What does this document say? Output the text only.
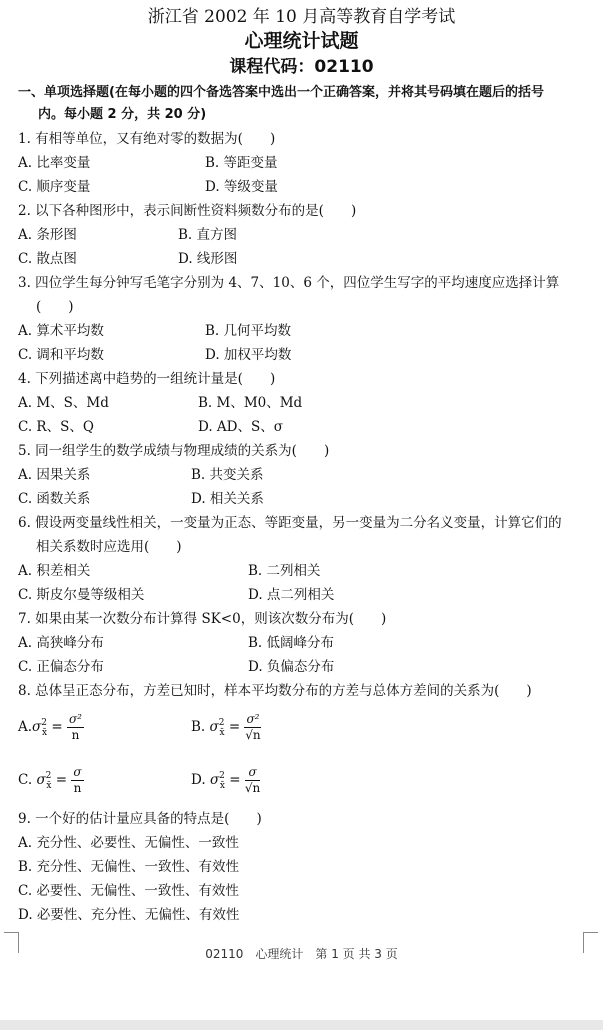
浙江省 2002 年 10 月高等教育自学考试
心理统计试题
课程代码：02110
一、单项选择题(在每小题的四个备选答案中选出一个正确答案，并将其号码填在题后的括号
内。每小题 2 分，共 20 分)
1. 有相等单位，又有绝对零的数据为(　　)
A. 比率变量	B. 等距变量
C. 顺序变量	D. 等级变量
2. 以下各种图形中，表示间断性资料频数分布的是(　　)
A. 条形图	B. 直方图
C. 散点图	D. 线形图
3. 四位学生每分钟写毛笔字分别为 4、7、10、6 个，四位学生写字的平均速度应选择计算
(　　)
A. 算术平均数	B. 几何平均数
C. 调和平均数	D. 加权平均数
4. 下列描述离中趋势的一组统计量是(　　)
A. M、S、Md	B. M、M0、Md
C. R、S、Q	D. AD、S、σ
5. 同一组学生的数学成绩与物理成绩的关系为(　　)
A. 因果关系	B. 共变关系
C. 函数关系	D. 相关关系
6. 假设两变量线性相关，一变量为正态、等距变量，另一变量为二分名义变量，计算它们的
相关系数时应选用(　　)
A. 积差相关	B. 二列相关
C. 斯皮尔曼等级相关	D. 点二列相关
7. 如果由某一次数分布计算得 SK<0，则该次数分布为(　　)
A. 高狭峰分布	B. 低阔峰分布
C. 正偏态分布	D. 负偏态分布
8. 总体呈正态分布，方差已知时，样本平均数分布的方差与总体方差间的关系为(　　)
$A.\sigma^2_{x̄} = \frac{\text{σ²}}{n}$	B. $\sigma^2_{x̄} = \frac{\text{σ²}}{√n}$
C. $\sigma^2_{x̄} = \frac{\sigma}{n}$	D. $\sigma^2_{x̄} = \frac{\sigma}{√n}$
9. 一个好的估计量应具备的特点是(　　)
A. 充分性、必要性、无偏性、一致性
B. 充分性、无偏性、一致性、有效性
C. 必要性、无偏性、一致性、有效性
D. 必要性、充分性、无偏性、有效性
02110　心理统计　第 1 页 共 3 页
